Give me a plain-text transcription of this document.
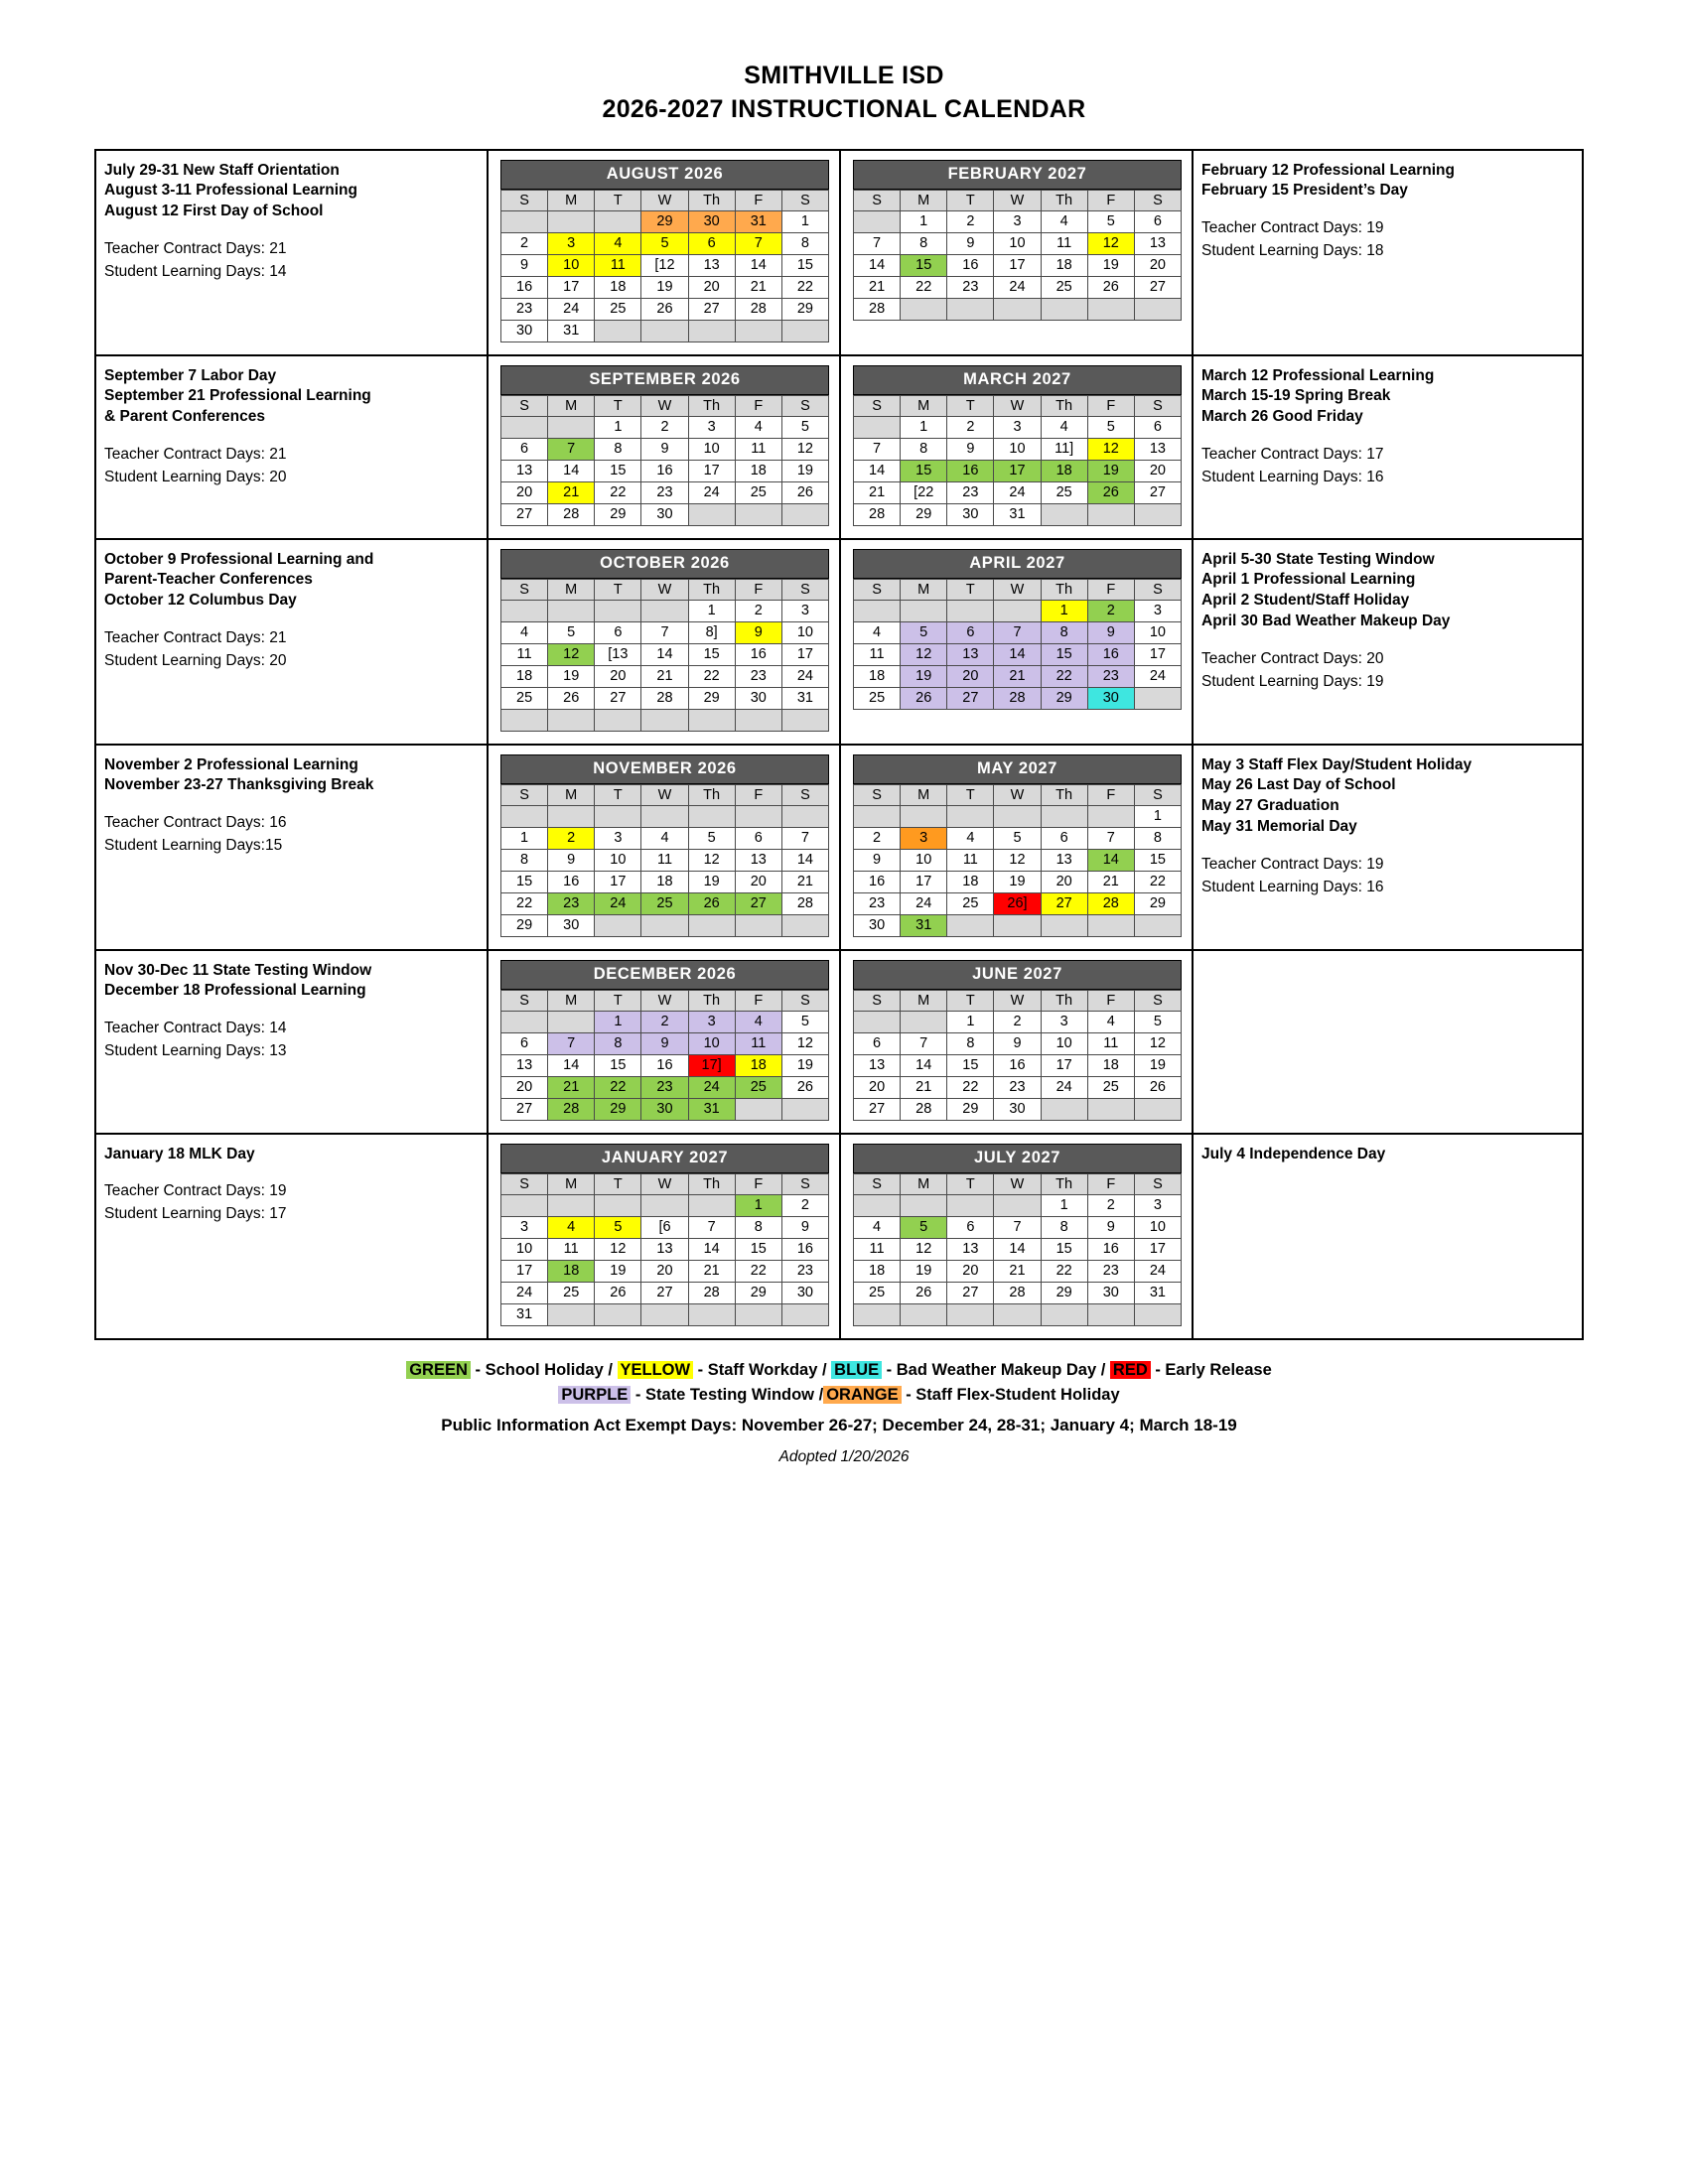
SMITHVILLE ISD
2026-2027 INSTRUCTIONAL CALENDAR
July 29-31 New Staff Orientation
August 3-11 Professional Learning
August 12 First Day of School
Teacher Contract Days: 21
Student Learning Days: 14
AUGUST 2026
S	M	T	W	Th	F	S
			29	30	31	1
2	3	4	5	6	7	8
9	10	11	[12	13	14	15
16	17	18	19	20	21	22
23	24	25	26	27	28	29
30	31					
FEBRUARY 2027
S	M	T	W	Th	F	S
	1	2	3	4	5	6
7	8	9	10	11	12	13
14	15	16	17	18	19	20
21	22	23	24	25	26	27
28						
February 12 Professional Learning
February 15 President’s Day
Teacher Contract Days: 19
Student Learning Days: 18
September 7 Labor Day
September 21 Professional Learning
& Parent Conferences
Teacher Contract Days: 21
Student Learning Days: 20
SEPTEMBER 2026
S	M	T	W	Th	F	S
		1	2	3	4	5
6	7	8	9	10	11	12
13	14	15	16	17	18	19
20	21	22	23	24	25	26
27	28	29	30			
MARCH 2027
S	M	T	W	Th	F	S
	1	2	3	4	5	6
7	8	9	10	11]	12	13
14	15	16	17	18	19	20
21	[22	23	24	25	26	27
28	29	30	31			
March 12 Professional Learning
March 15-19 Spring Break
March 26 Good Friday
Teacher Contract Days: 17
Student Learning Days: 16
October 9 Professional Learning and
Parent-Teacher Conferences
October 12 Columbus Day
Teacher Contract Days: 21
Student Learning Days: 20
OCTOBER 2026
S	M	T	W	Th	F	S
				1	2	3
4	5	6	7	8]	9	10
11	12	[13	14	15	16	17
18	19	20	21	22	23	24
25	26	27	28	29	30	31

APRIL 2027
S	M	T	W	Th	F	S
				1	2	3
4	5	6	7	8	9	10
11	12	13	14	15	16	17
18	19	20	21	22	23	24
25	26	27	28	29	30	
April 5-30 State Testing Window
April 1 Professional Learning
April 2 Student/Staff Holiday
April 30 Bad Weather Makeup Day
Teacher Contract Days: 20
Student Learning Days: 19
November 2 Professional Learning
November 23-27 Thanksgiving Break
Teacher Contract Days: 16
Student Learning Days:15
NOVEMBER 2026
S	M	T	W	Th	F	S

1	2	3	4	5	6	7
8	9	10	11	12	13	14
15	16	17	18	19	20	21
22	23	24	25	26	27	28
29	30					
MAY 2027
S	M	T	W	Th	F	S
						1
2	3	4	5	6	7	8
9	10	11	12	13	14	15
16	17	18	19	20	21	22
23	24	25	26]	27	28	29
30	31					
May 3 Staff Flex Day/Student Holiday
May 26 Last Day of School
May 27 Graduation
May 31 Memorial Day
Teacher Contract Days: 19
Student Learning Days: 16
Nov 30-Dec 11 State Testing Window
December 18 Professional Learning
Teacher Contract Days: 14
Student Learning Days: 13
DECEMBER 2026
S	M	T	W	Th	F	S
		1	2	3	4	5
6	7	8	9	10	11	12
13	14	15	16	17]	18	19
20	21	22	23	24	25	26
27	28	29	30	31		
JUNE 2027
S	M	T	W	Th	F	S
		1	2	3	4	5
6	7	8	9	10	11	12
13	14	15	16	17	18	19
20	21	22	23	24	25	26
27	28	29	30			
January 18 MLK Day
Teacher Contract Days: 19
Student Learning Days: 17
JANUARY 2027
S	M	T	W	Th	F	S
					1	2
3	4	5	[6	7	8	9
10	11	12	13	14	15	16
17	18	19	20	21	22	23
24	25	26	27	28	29	30
31						
JULY 2027
S	M	T	W	Th	F	S
				1	2	3
4	5	6	7	8	9	10
11	12	13	14	15	16	17
18	19	20	21	22	23	24
25	26	27	28	29	30	31

July 4 Independence Day
GREEN - School Holiday / YELLOW - Staff Workday / BLUE - Bad Weather Makeup Day / RED - Early Release
PURPLE - State Testing Window / ORANGE - Staff Flex-Student Holiday
Public Information Act Exempt Days: November 26-27; December 24, 28-31; January 4; March 18-19
Adopted 1/20/2026
